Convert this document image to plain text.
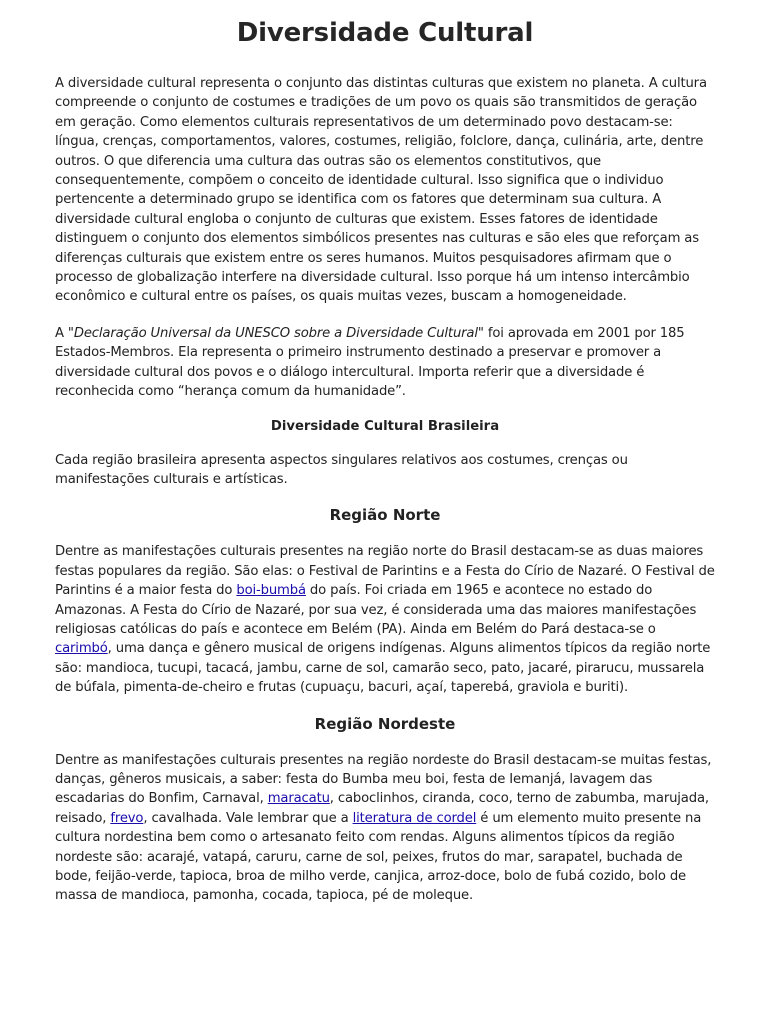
Diversidade Cultural

A diversidade cultural representa o conjunto das distintas culturas que existem no planeta. A cultura compreende o conjunto de costumes e tradições de um povo os quais são transmitidos de geração em geração. Como elementos culturais representativos de um determinado povo destacam-se: língua, crenças, comportamentos, valores, costumes, religião, folclore, dança, culinária, arte, dentre outros. O que diferencia uma cultura das outras são os elementos constitutivos, que consequentemente, compõem o conceito de identidade cultural. Isso significa que o individuo pertencente a determinado grupo se identifica com os fatores que determinam sua cultura. A diversidade cultural engloba o conjunto de culturas que existem. Esses fatores de identidade distinguem o conjunto dos elementos simbólicos presentes nas culturas e são eles que reforçam as diferenças culturais que existem entre os seres humanos. Muitos pesquisadores afirmam que o processo de globalização interfere na diversidade cultural. Isso porque há um intenso intercâmbio econômico e cultural entre os países, os quais muitas vezes, buscam a homogeneidade.

A "Declaração Universal da UNESCO sobre a Diversidade Cultural" foi aprovada em 2001 por 185 Estados-Membros. Ela representa o primeiro instrumento destinado a preservar e promover a diversidade cultural dos povos e o diálogo intercultural. Importa referir que a diversidade é reconhecida como “herança comum da humanidade”.

Diversidade Cultural Brasileira

Cada região brasileira apresenta aspectos singulares relativos aos costumes, crenças ou manifestações culturais e artísticas.

Região Norte

Dentre as manifestações culturais presentes na região norte do Brasil destacam-se as duas maiores festas populares da região. São elas: o Festival de Parintins e a Festa do Círio de Nazaré. O Festival de Parintins é a maior festa do boi-bumbá do país. Foi criada em 1965 e acontece no estado do Amazonas. A Festa do Círio de Nazaré, por sua vez, é considerada uma das maiores manifestações religiosas católicas do país e acontece em Belém (PA). Ainda em Belém do Pará destaca-se o carimbó, uma dança e gênero musical de origens indígenas. Alguns alimentos típicos da região norte são: mandioca, tucupi, tacacá, jambu, carne de sol, camarão seco, pato, jacaré, pirarucu, mussarela de búfala, pimenta-de-cheiro e frutas (cupuaçu, bacuri, açaí, taperebá, graviola e buriti).

Região Nordeste

Dentre as manifestações culturais presentes na região nordeste do Brasil destacam-se muitas festas, danças, gêneros musicais, a saber: festa do Bumba meu boi, festa de Iemanjá, lavagem das escadarias do Bonfim, Carnaval, maracatu, caboclinhos, ciranda, coco, terno de zabumba, marujada, reisado, frevo, cavalhada. Vale lembrar que a literatura de cordel é um elemento muito presente na cultura nordestina bem como o artesanato feito com rendas. Alguns alimentos típicos da região nordeste são: acarajé, vatapá, caruru, carne de sol, peixes, frutos do mar, sarapatel, buchada de bode, feijão-verde, tapioca, broa de milho verde, canjica, arroz-doce, bolo de fubá cozido, bolo de massa de mandioca, pamonha, cocada, tapioca, pé de moleque.
